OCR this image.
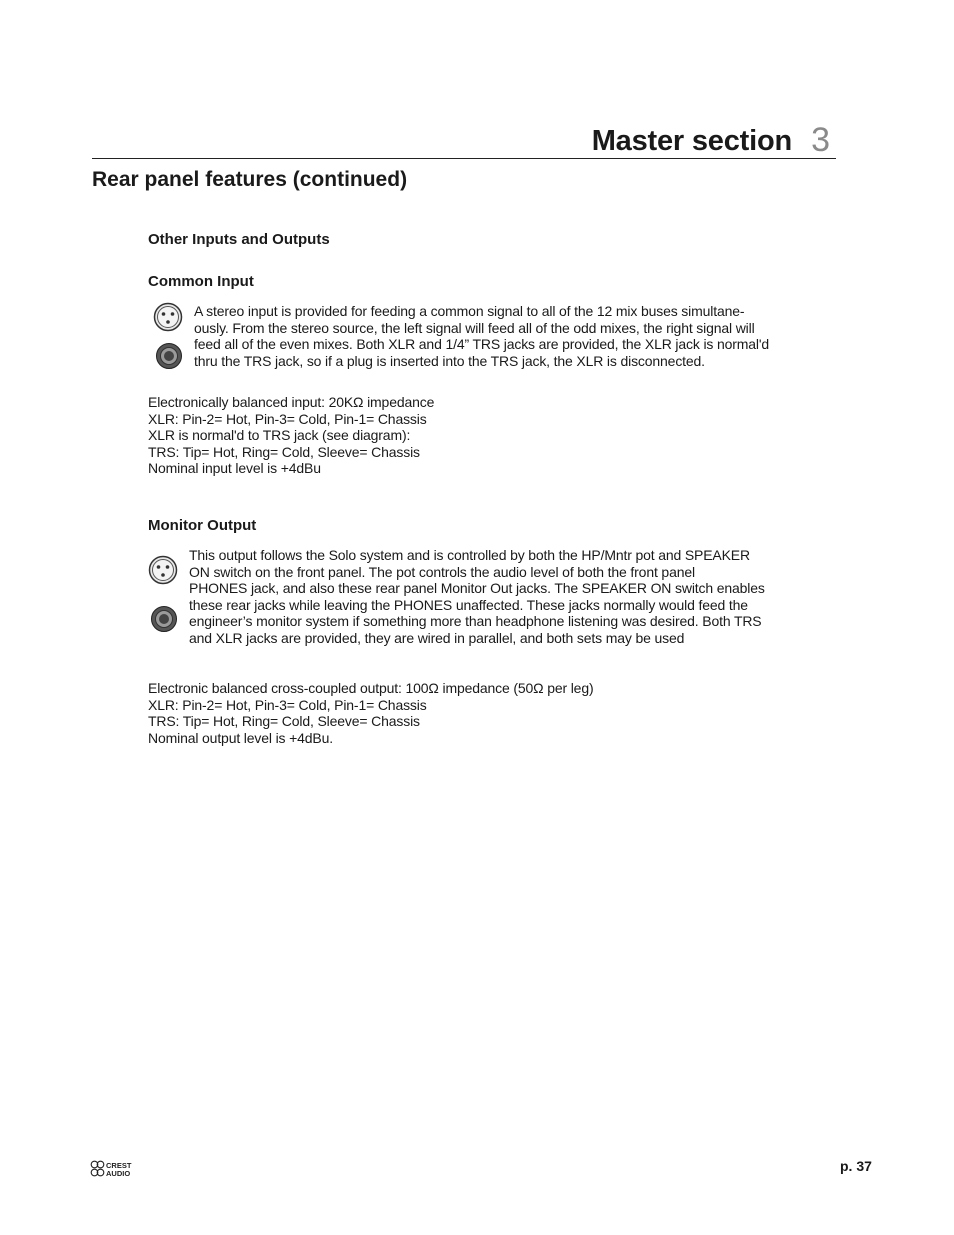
Master section 3
Rear panel features (continued)
Other Inputs and Outputs
Common Input
A stereo input is provided for feeding a common signal to all of the 12 mix buses simultane-
ously. From the stereo source, the left signal will feed all of the odd mixes, the right signal will
feed all of the even mixes. Both XLR and 1/4” TRS jacks are provided, the XLR jack is normal'd
thru the TRS jack, so if a plug is inserted into the TRS jack, the XLR is disconnected.
Electronically balanced input: 20KΩ impedance
XLR: Pin-2= Hot, Pin-3= Cold, Pin-1= Chassis
XLR is normal'd to TRS jack (see diagram):
TRS: Tip= Hot, Ring= Cold, Sleeve= Chassis
Nominal input level is +4dBu
Monitor Output
This output follows the Solo system and is controlled by both the HP/Mntr pot and SPEAKER
ON switch on the front panel. The pot controls the audio level of both the front panel
PHONES jack, and also these rear panel Monitor Out jacks. The SPEAKER ON switch enables
these rear jacks while leaving the PHONES unaffected. These jacks normally would feed the
engineer’s monitor system if something more than headphone listening was desired. Both TRS
and XLR jacks are provided, they are wired in parallel, and both sets may be used
Electronic balanced cross-coupled output: 100Ω impedance (50Ω per leg)
XLR: Pin-2= Hot, Pin-3= Cold, Pin-1= Chassis
TRS: Tip= Hot, Ring= Cold, Sleeve= Chassis
Nominal output level is +4dBu.
CREST
AUDIO	p. 37
